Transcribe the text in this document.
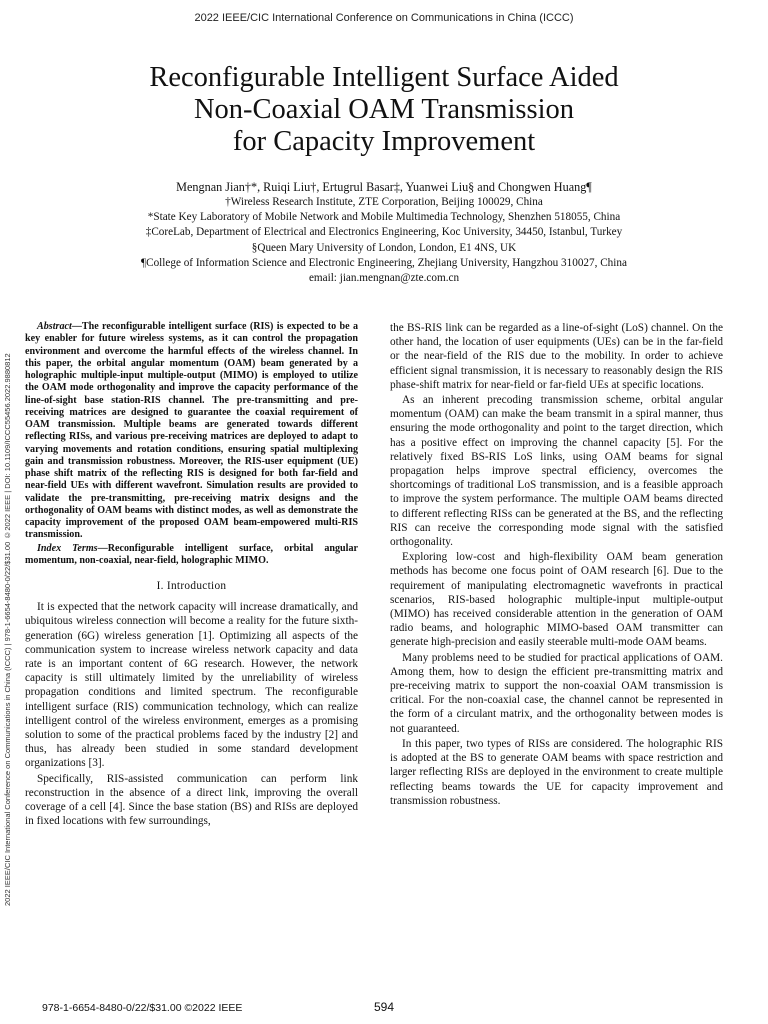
2022 IEEE/CIC International Conference on Communications in China (ICCC)
Reconfigurable Intelligent Surface Aided
Non-Coaxial OAM Transmission
for Capacity Improvement
Mengnan Jian†*, Ruiqi Liu†, Ertugrul Basar‡, Yuanwei Liu§ and Chongwen Huang¶
†Wireless Research Institute, ZTE Corporation, Beijing 100029, China
*State Key Laboratory of Mobile Network and Mobile Multimedia Technology, Shenzhen 518055, China
‡CoreLab, Department of Electrical and Electronics Engineering, Koc University, 34450, Istanbul, Turkey
§Queen Mary University of London, London, E1 4NS, UK
¶College of Information Science and Electronic Engineering, Zhejiang University, Hangzhou 310027, China
email: jian.mengnan@zte.com.cn
2022 IEEE/CIC International Conference on Communications in China (ICCC) | 978-1-6654-8480-0/22/$31.00 ©2022 IEEE | DOI: 10.1109/ICCC55456.2022.9880812

Abstract—The reconfigurable intelligent surface (RIS) is expected to be a key enabler for future wireless systems, as it can control the propagation environment and overcome the harmful effects of the wireless channel. In this paper, the orbital angular momentum (OAM) beam generated by a holographic multiple-input multiple-output (MIMO) is employed to utilize the OAM mode orthogonality and improve the capacity performance of the line-of-sight base station-RIS channel. The pre-transmitting and pre-receiving matrices are designed to guarantee the coaxial requirement of OAM transmission. Multiple beams are generated towards different reflecting RISs, and various pre-receiving matrices are deployed to adapt to varying movements and rotation conditions, ensuring spatial multiplexing gain and transmission robustness. Moreover, the RIS-user equipment (UE) phase shift matrix of the reflecting RIS is designed for both far-field and near-field UEs with different wavefront. Simulation results are provided to validate the pre-transmitting, pre-receiving matrix designs and the orthogonality of OAM beams with distinct modes, as well as demonstrate the capacity improvement of the proposed OAM beam-empowered multi-RIS transmission.

Index Terms—Reconfigurable intelligent surface, orbital angular momentum, non-coaxial, near-field, holographic MIMO.

I. Introduction

It is expected that the network capacity will increase dramatically, and ubiquitous wireless connection will become a reality for the future sixth-generation (6G) wireless generation [1]. Optimizing all aspects of the communication system to increase wireless network capacity and data rate is an important content of 6G research. However, the network capacity is still ultimately limited by the unreliability of wireless propagation conditions and limited spectrum. The reconfigurable intelligent surface (RIS) communication technology, which can realize intelligent control of the wireless environment, emerges as a promising solution to some of the practical problems faced by the industry [2] and thus, has already been studied in some standard development organizations [3].

Specifically, RIS-assisted communication can perform link reconstruction in the absence of a direct link, improving the overall coverage of a cell [4]. Since the base station (BS) and RISs are deployed in fixed locations with few surroundings,

the BS-RIS link can be regarded as a line-of-sight (LoS) channel. On the other hand, the location of user equipments (UEs) can be in the far-field or the near-field of the RIS due to the mobility. In order to achieve efficient signal transmission, it is necessary to reasonably design the RIS phase-shift matrix for near-field or far-field UEs at specific locations.

As an inherent precoding transmission scheme, orbital angular momentum (OAM) can make the beam transmit in a spiral manner, thus ensuring the mode orthogonality and point to the target direction, which has a positive effect on improving the channel capacity [5]. For the relatively fixed BS-RIS LoS links, using OAM beams for signal propagation helps improve spectral efficiency, overcomes the shortcomings of traditional LoS transmission, and is a feasible approach to improve the system performance. The multiple OAM beams directed to different reflecting RISs can be generated at the BS, and the reflecting RIS can receive the corresponding mode signal with the satisfied orthogonality.

Exploring low-cost and high-flexibility OAM beam generation methods has become one focus point of OAM research [6]. Due to the requirement of manipulating electromagnetic wavefronts in practical scenarios, RIS-based holographic multiple-input multiple-output (MIMO) has received considerable attention in the generation of OAM radio beams, and holographic MIMO-based OAM transmitter can generate high-precision and easily steerable multi-mode OAM beams.

Many problems need to be studied for practical applications of OAM. Among them, how to design the efficient pre-transmitting matrix and pre-receiving matrix to support the non-coaxial OAM transmission is critical. For the non-coaxial case, the channel cannot be represented in the form of a circulant matrix, and the orthogonality between modes is not guaranteed.

In this paper, two types of RISs are considered. The holographic RIS is adopted at the BS to generate OAM beams with space restriction and larger reflecting RISs are deployed in the environment to create multiple reflecting beams towards the UE for capacity improvement and transmission robustness.

978-1-6654-8480-0/22/$31.00 ©2022 IEEE	594
